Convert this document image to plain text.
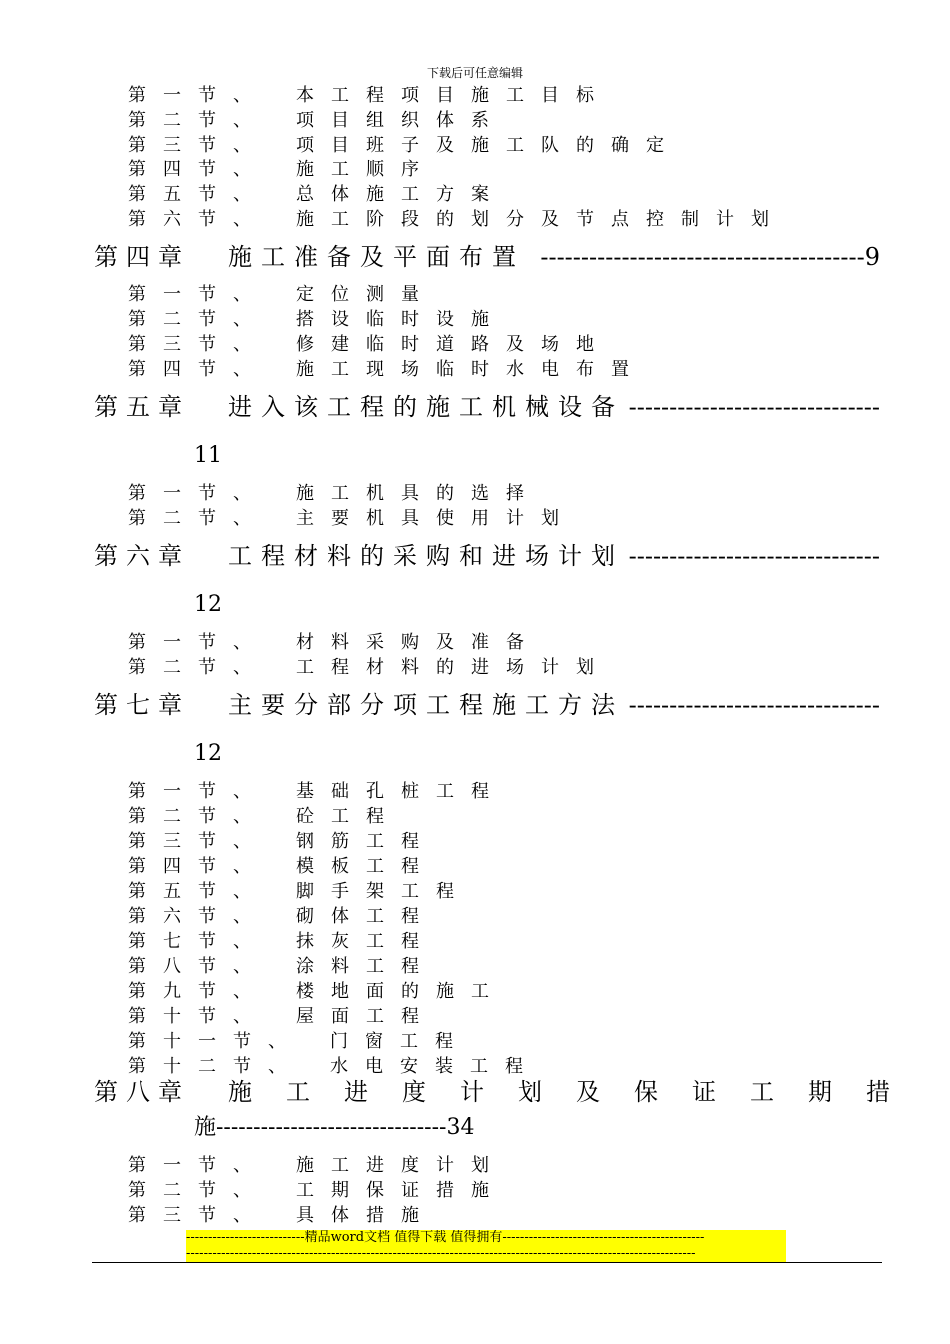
下载后可任意编辑
第一节、 本工程项目施工目标
第二节、 项目组织体系
第三节、 项目班子及施工队的确定
第四节、 施工顺序
第五节、 总体施工方案
第六节、 施工阶段的划分及节点控制计划
第四章 施工准备及平面布置 ----------------------------------------9
第一节、 定位测量
第二节、 搭设临时设施
第三节、 修建临时道路及场地
第四节、 施工现场临时水电布置
第五章 进入该工程的施工机械设备 -------------------------------
11
第一节、 施工机具的选择
第二节、 主要机具使用计划
第六章 工程材料的采购和进场计划 -------------------------------
12
第一节、 材料采购及准备
第二节、 工程材料的进场计划
第七章 主要分部分项工程施工方法 -------------------------------
12
第一节、 基础孔桩工程
第二节、 砼工程
第三节、 钢筋工程
第四节、 模板工程
第五节、 脚手架工程
第六节、 砌体工程
第七节、 抹灰工程
第八节、 涂料工程
第九节、 楼地面的施工
第十节、 屋面工程
第十一节、 门窗工程
第十二节、 水电安装工程
第八章 施工进度计划及保证工期措
施-------------------------------34
第一节、 施工进度计划
第二节、 工期保证措施
第三节、 具体措施
---------------------------精品word文档 值得下载 值得拥有----------------------------------------------
--------------------------------------------------------------------------------------------------------------------
